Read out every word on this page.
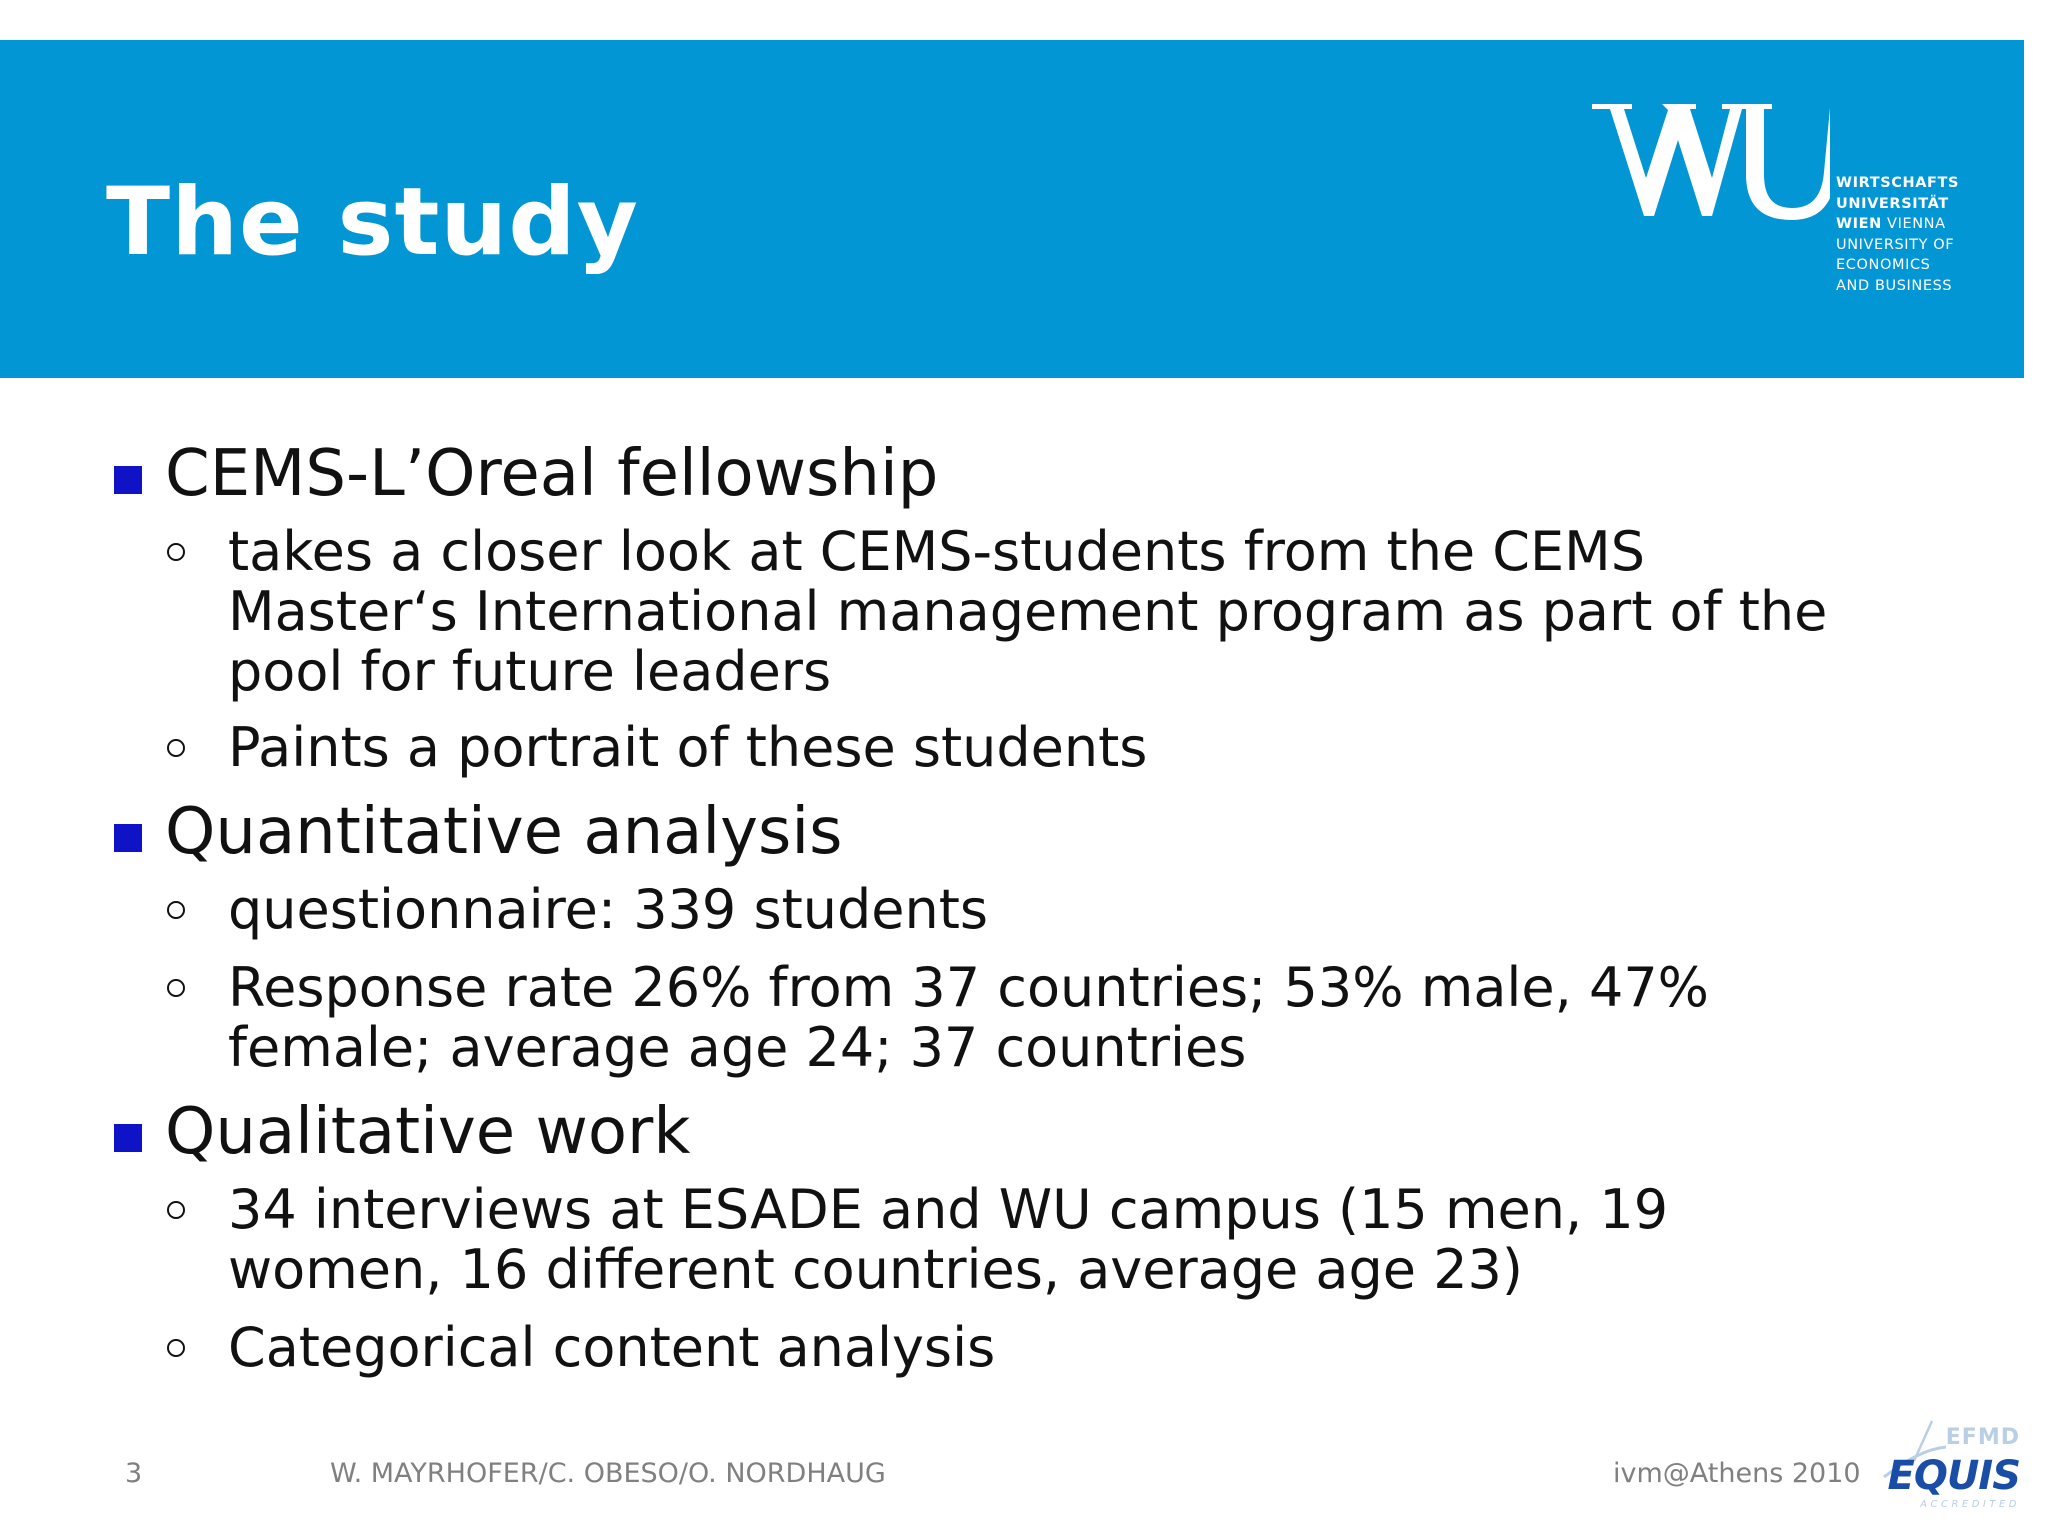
The study	WIRTSCHAFTS
UNIVERSITÄT
WIEN VIENNA
UNIVERSITY OF
ECONOMICS
AND BUSINESS
CEMS-L’Oreal fellowship
takes a closer look at CEMS-students from the CEMS Master‘s International management program as part of the pool for future leaders
Paints a portrait of these students
Quantitative analysis
questionnaire: 339 students
Response rate 26% from 37 countries; 53% male, 47% female; average age 24; 37 countries
Qualitative work
34 interviews at ESADE and WU campus (15 men, 19 women, 16 different countries, average age 23)
Categorical content analysis
3	W. MAYRHOFER/C. OBESO/O. NORDHAUG	ivm@Athens 2010
EFMD
EQUIS
ACCREDITED
